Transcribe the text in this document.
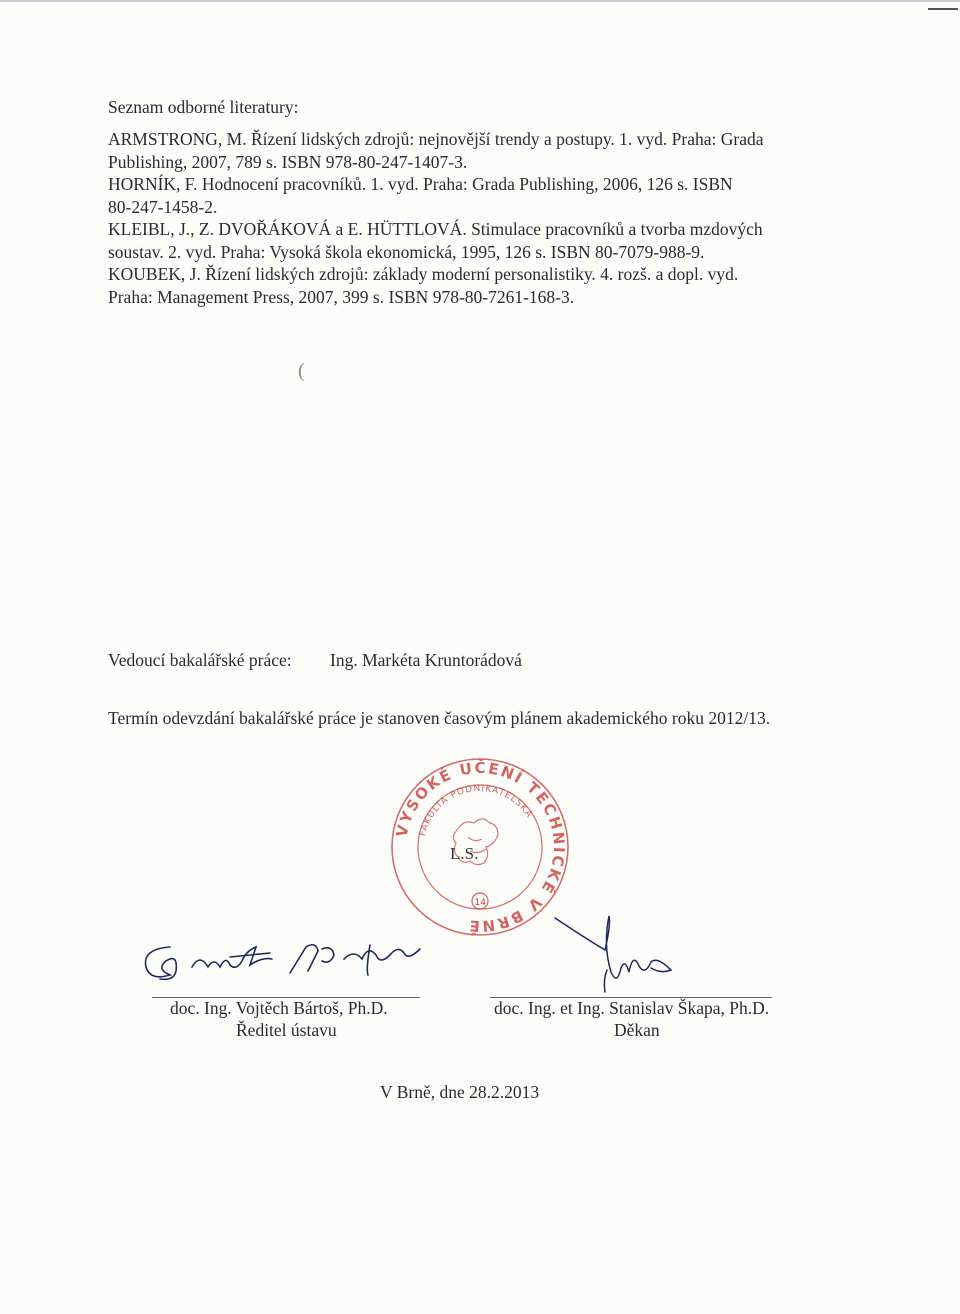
Seznam odborné literatury:
ARMSTRONG, M. Řízení lidských zdrojů: nejnovější trendy a postupy. 1. vyd. Praha: Grada
Publishing, 2007, 789 s. ISBN 978-80-247-1407-3.
HORNÍK, F. Hodnocení pracovníků. 1. vyd. Praha: Grada Publishing, 2006, 126 s. ISBN
80-247-1458-2.
KLEIBL, J., Z. DVOŘÁKOVÁ a E. HÜTTLOVÁ. Stimulace pracovníků a tvorba mzdových
soustav. 2. vyd. Praha: Vysoká škola ekonomická, 1995, 126 s. ISBN 80-7079-988-9.
KOUBEK, J. Řízení lidských zdrojů: základy moderní personalistiky. 4. rozš. a dopl. vyd.
Praha: Management Press, 2007, 399 s. ISBN 978-80-7261-168-3.
(
Vedoucí bakalářské práce: Ing. Markéta Kruntorádová
Termín odevzdání bakalářské práce je stanoven časovým plánem akademického roku 2012/13.
VYSOKÉ UČENÍ TECHNICKÉ V BRNĚ
FAKULTA PODNIKATELSKÁ
L.S.
14
doc. Ing. Vojtěch Bártoš, Ph.D.
Ředitel ústavu
doc. Ing. et Ing. Stanislav Škapa, Ph.D.
Děkan
V Brně, dne 28.2.2013
